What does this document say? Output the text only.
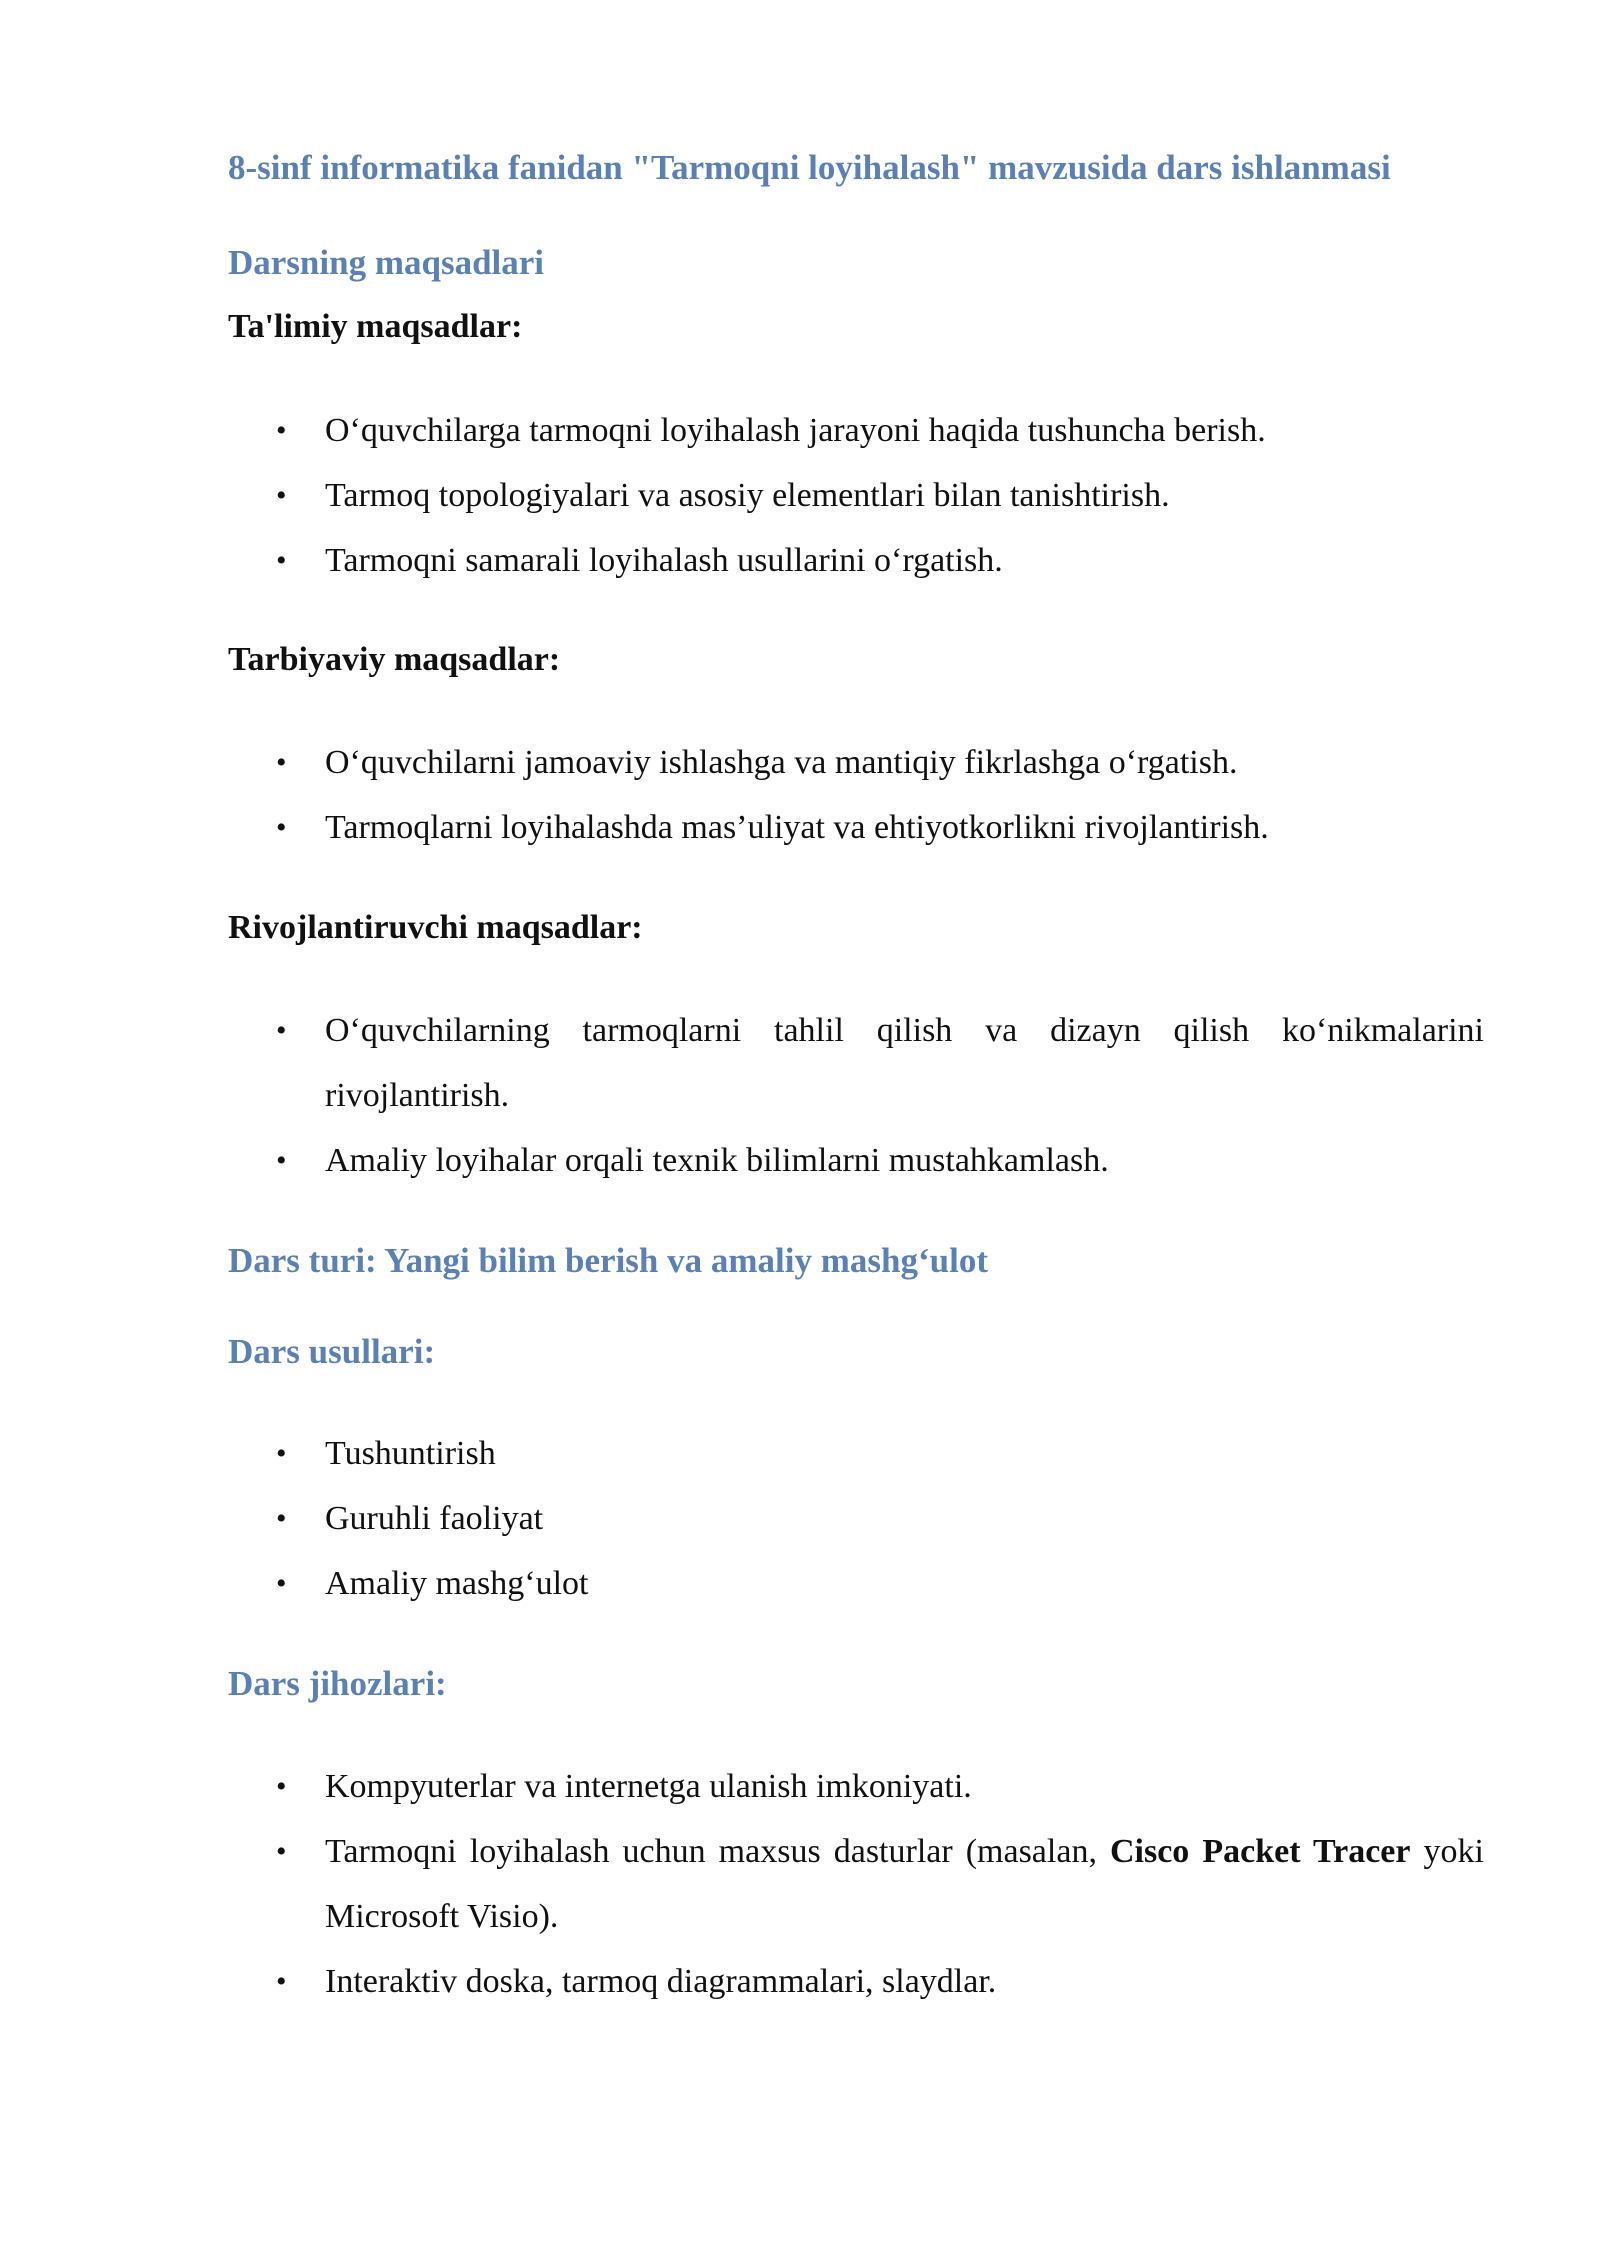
8-sinf informatika fanidan "Tarmoqni loyihalash" mavzusida dars ishlanmasi
Darsning maqsadlari
Ta'limiy maqsadlar:
• O‘quvchilarga tarmoqni loyihalash jarayoni haqida tushuncha berish.
• Tarmoq topologiyalari va asosiy elementlari bilan tanishtirish.
• Tarmoqni samarali loyihalash usullarini o‘rgatish.
Tarbiyaviy maqsadlar:
• O‘quvchilarni jamoaviy ishlashga va mantiqiy fikrlashga o‘rgatish.
• Tarmoqlarni loyihalashda mas’uliyat va ehtiyotkorlikni rivojlantirish.
Rivojlantiruvchi maqsadlar:
• O‘quvchilarning tarmoqlarni tahlil qilish va dizayn qilish ko‘nikmalarini rivojlantirish.
• Amaliy loyihalar orqali texnik bilimlarni mustahkamlash.
Dars turi: Yangi bilim berish va amaliy mashg‘ulot
Dars usullari:
• Tushuntirish
• Guruhli faoliyat
• Amaliy mashg‘ulot
Dars jihozlari:
• Kompyuterlar va internetga ulanish imkoniyati.
• Tarmoqni loyihalash uchun maxsus dasturlar (masalan, Cisco Packet Tracer yoki Microsoft Visio).
• Interaktiv doska, tarmoq diagrammalari, slaydlar.
